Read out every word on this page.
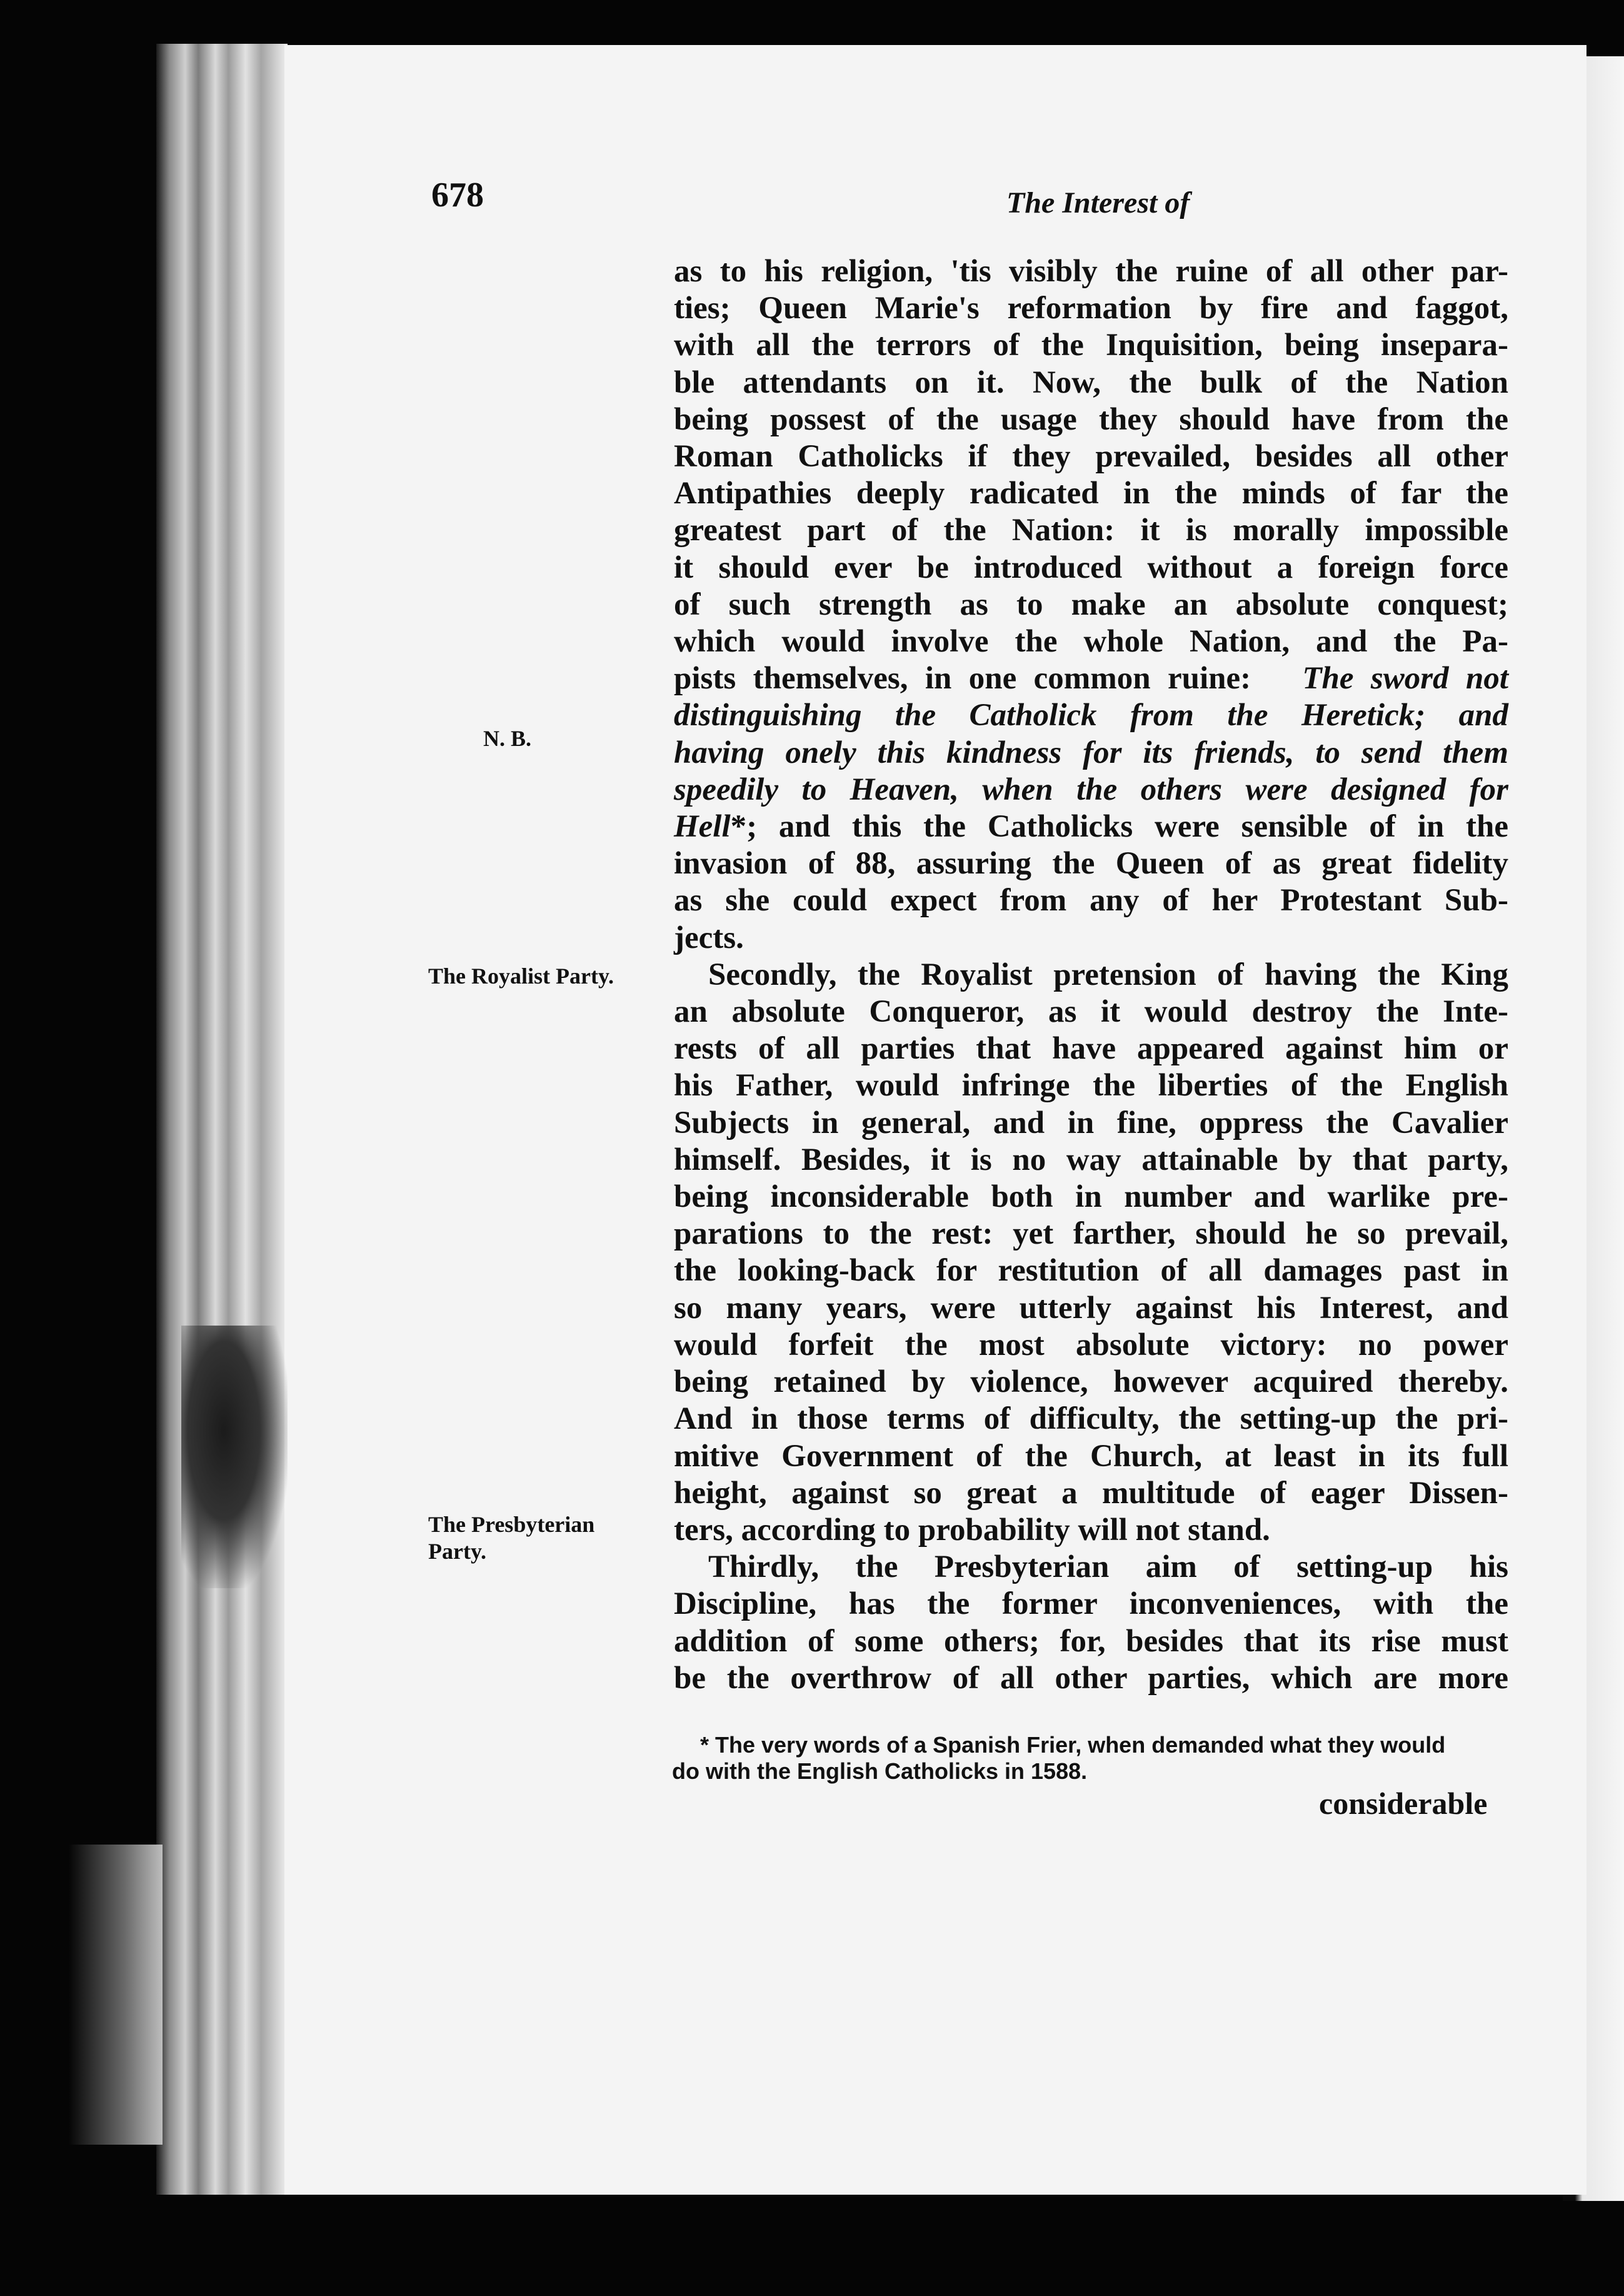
678	The Interest of
as to his religion, 'tis visibly the ruine of all other par-
ties; Queen Marie's reformation by fire and faggot,
with all the terrors of the Inquisition, being insepara-
ble attendants on it. Now, the bulk of the Nation
being possest of the usage they should have from the
Roman Catholicks if they prevailed, besides all other
Antipathies deeply radicated in the minds of far the
greatest part of the Nation: it is morally impossible
it should ever be introduced without a foreign force
of such strength as to make an absolute conquest;
which would involve the whole Nation, and the Pa-
pists themselves, in one common ruine: The sword not
distinguishing the Catholick from the Heretick; and
having onely this kindness for its friends, to send them
speedily to Heaven, when the others were designed for
Hell*; and this the Catholicks were sensible of in the
invasion of 88, assuring the Queen of as great fidelity
as she could expect from any of her Protestant Sub-
jects.
Secondly, the Royalist pretension of having the King
an absolute Conqueror, as it would destroy the Inte-
rests of all parties that have appeared against him or
his Father, would infringe the liberties of the English
Subjects in general, and in fine, oppress the Cavalier
himself. Besides, it is no way attainable by that party,
being inconsiderable both in number and warlike pre-
parations to the rest: yet farther, should he so prevail,
the looking-back for restitution of all damages past in
so many years, were utterly against his Interest, and
would forfeit the most absolute victory: no power
being retained by violence, however acquired thereby.
And in those terms of difficulty, the setting-up the pri-
mitive Government of the Church, at least in its full
height, against so great a multitude of eager Dissen-
ters, according to probability will not stand.
Thirdly, the Presbyterian aim of setting-up his
Discipline, has the former inconveniences, with the
addition of some others; for, besides that its rise must
be the overthrow of all other parties, which are more
N. B.
The Royalist Party.
The Presbyterian
Party.
* The very words of a Spanish Frier, when demanded what they would
do with the English Catholicks in 1588.
considerable
